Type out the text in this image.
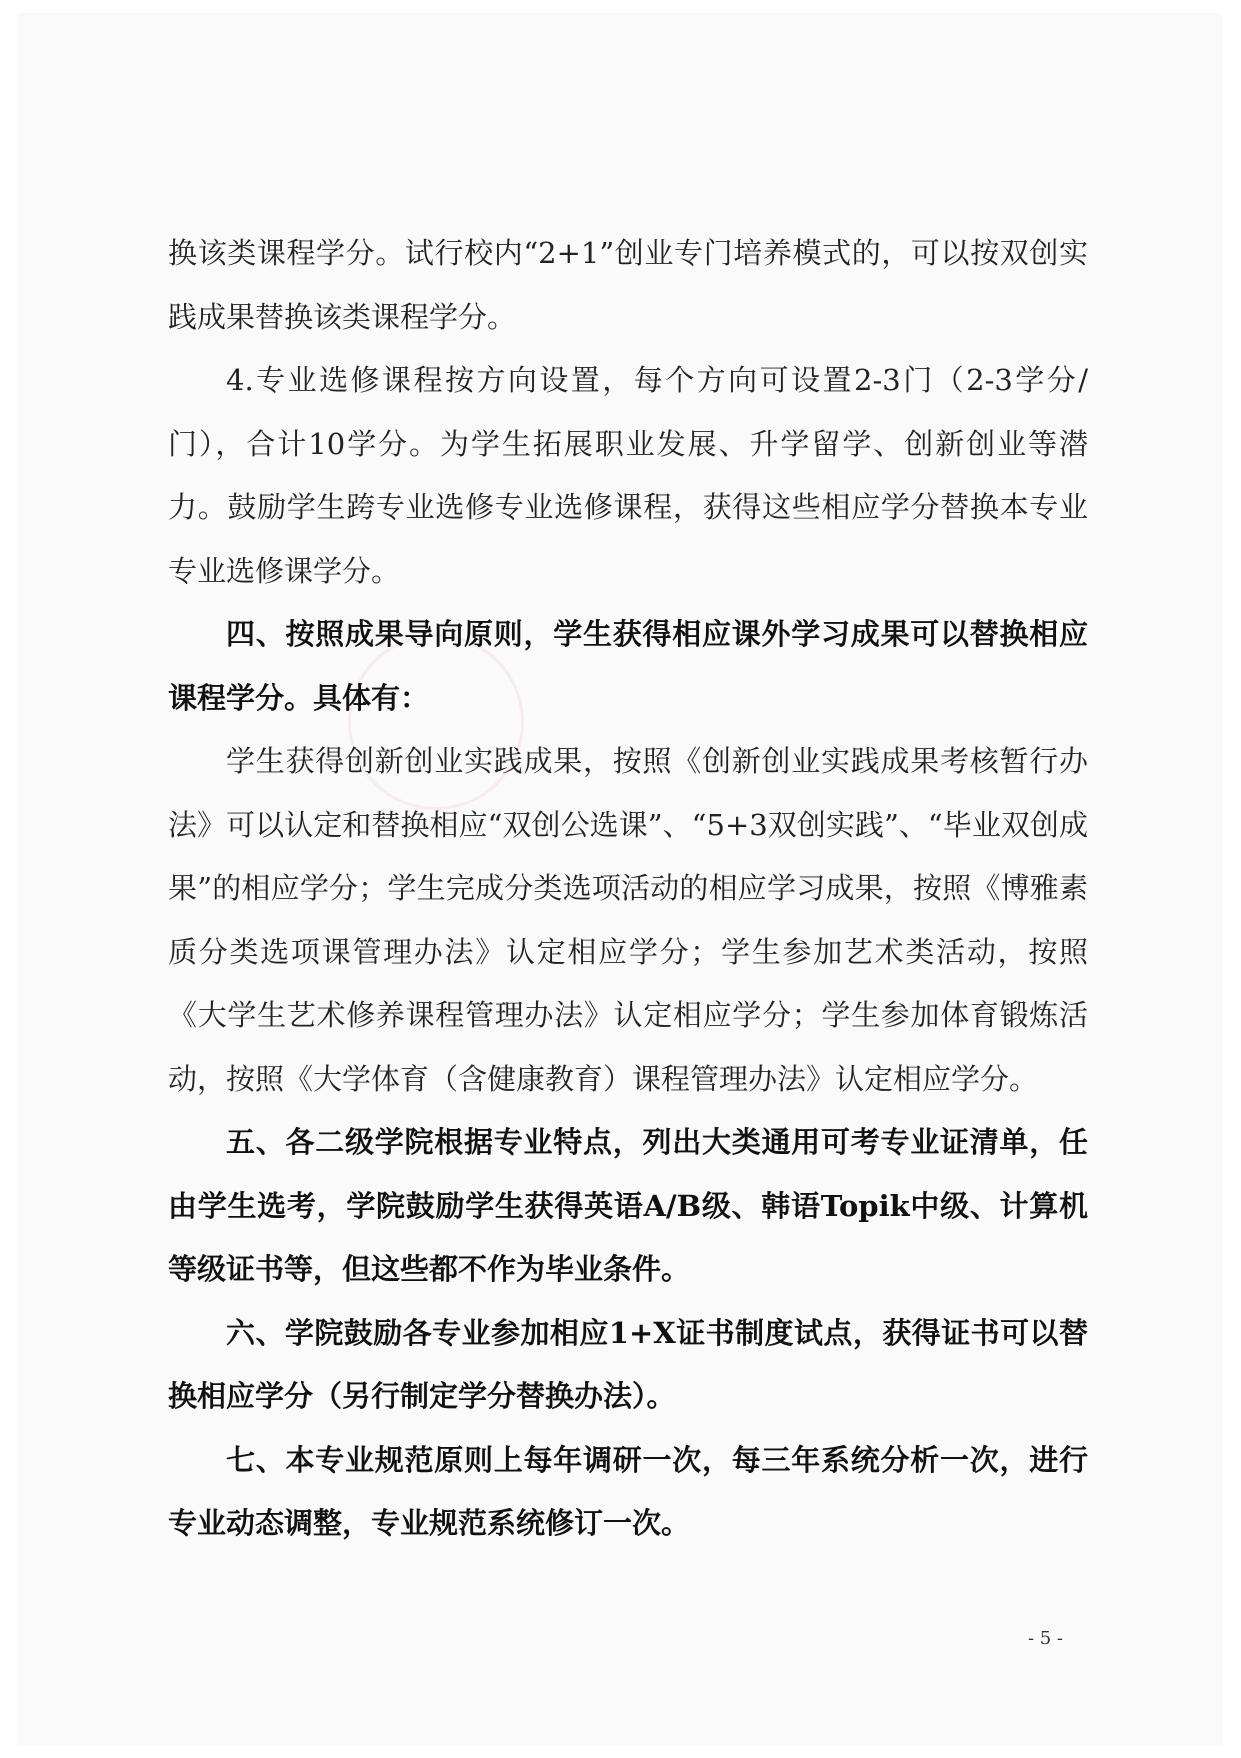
换该类课程学分。试行校内“2+1”创业专门培养模式的，可以按双创实践成果替换该类课程学分。

4.专业选修课程按方向设置，每个方向可设置2-3门（2-3学分/门），合计10学分。为学生拓展职业发展、升学留学、创新创业等潜力。鼓励学生跨专业选修专业选修课程，获得这些相应学分替换本专业专业选修课学分。

四、按照成果导向原则，学生获得相应课外学习成果可以替换相应课程学分。具体有：

学生获得创新创业实践成果，按照《创新创业实践成果考核暂行办法》可以认定和替换相应“双创公选课”、“5+3双创实践”、“毕业双创成果”的相应学分；学生完成分类选项活动的相应学习成果，按照《博雅素质分类选项课管理办法》认定相应学分；学生参加艺术类活动，按照《大学生艺术修养课程管理办法》认定相应学分；学生参加体育锻炼活动，按照《大学体育（含健康教育）课程管理办法》认定相应学分。

五、各二级学院根据专业特点，列出大类通用可考专业证清单，任由学生选考，学院鼓励学生获得英语A/B级、韩语Topik中级、计算机等级证书等，但这些都不作为毕业条件。

六、学院鼓励各专业参加相应1+X证书制度试点，获得证书可以替换相应学分（另行制定学分替换办法）。

七、本专业规范原则上每年调研一次，每三年系统分析一次，进行专业动态调整，专业规范系统修订一次。

- 5 -
